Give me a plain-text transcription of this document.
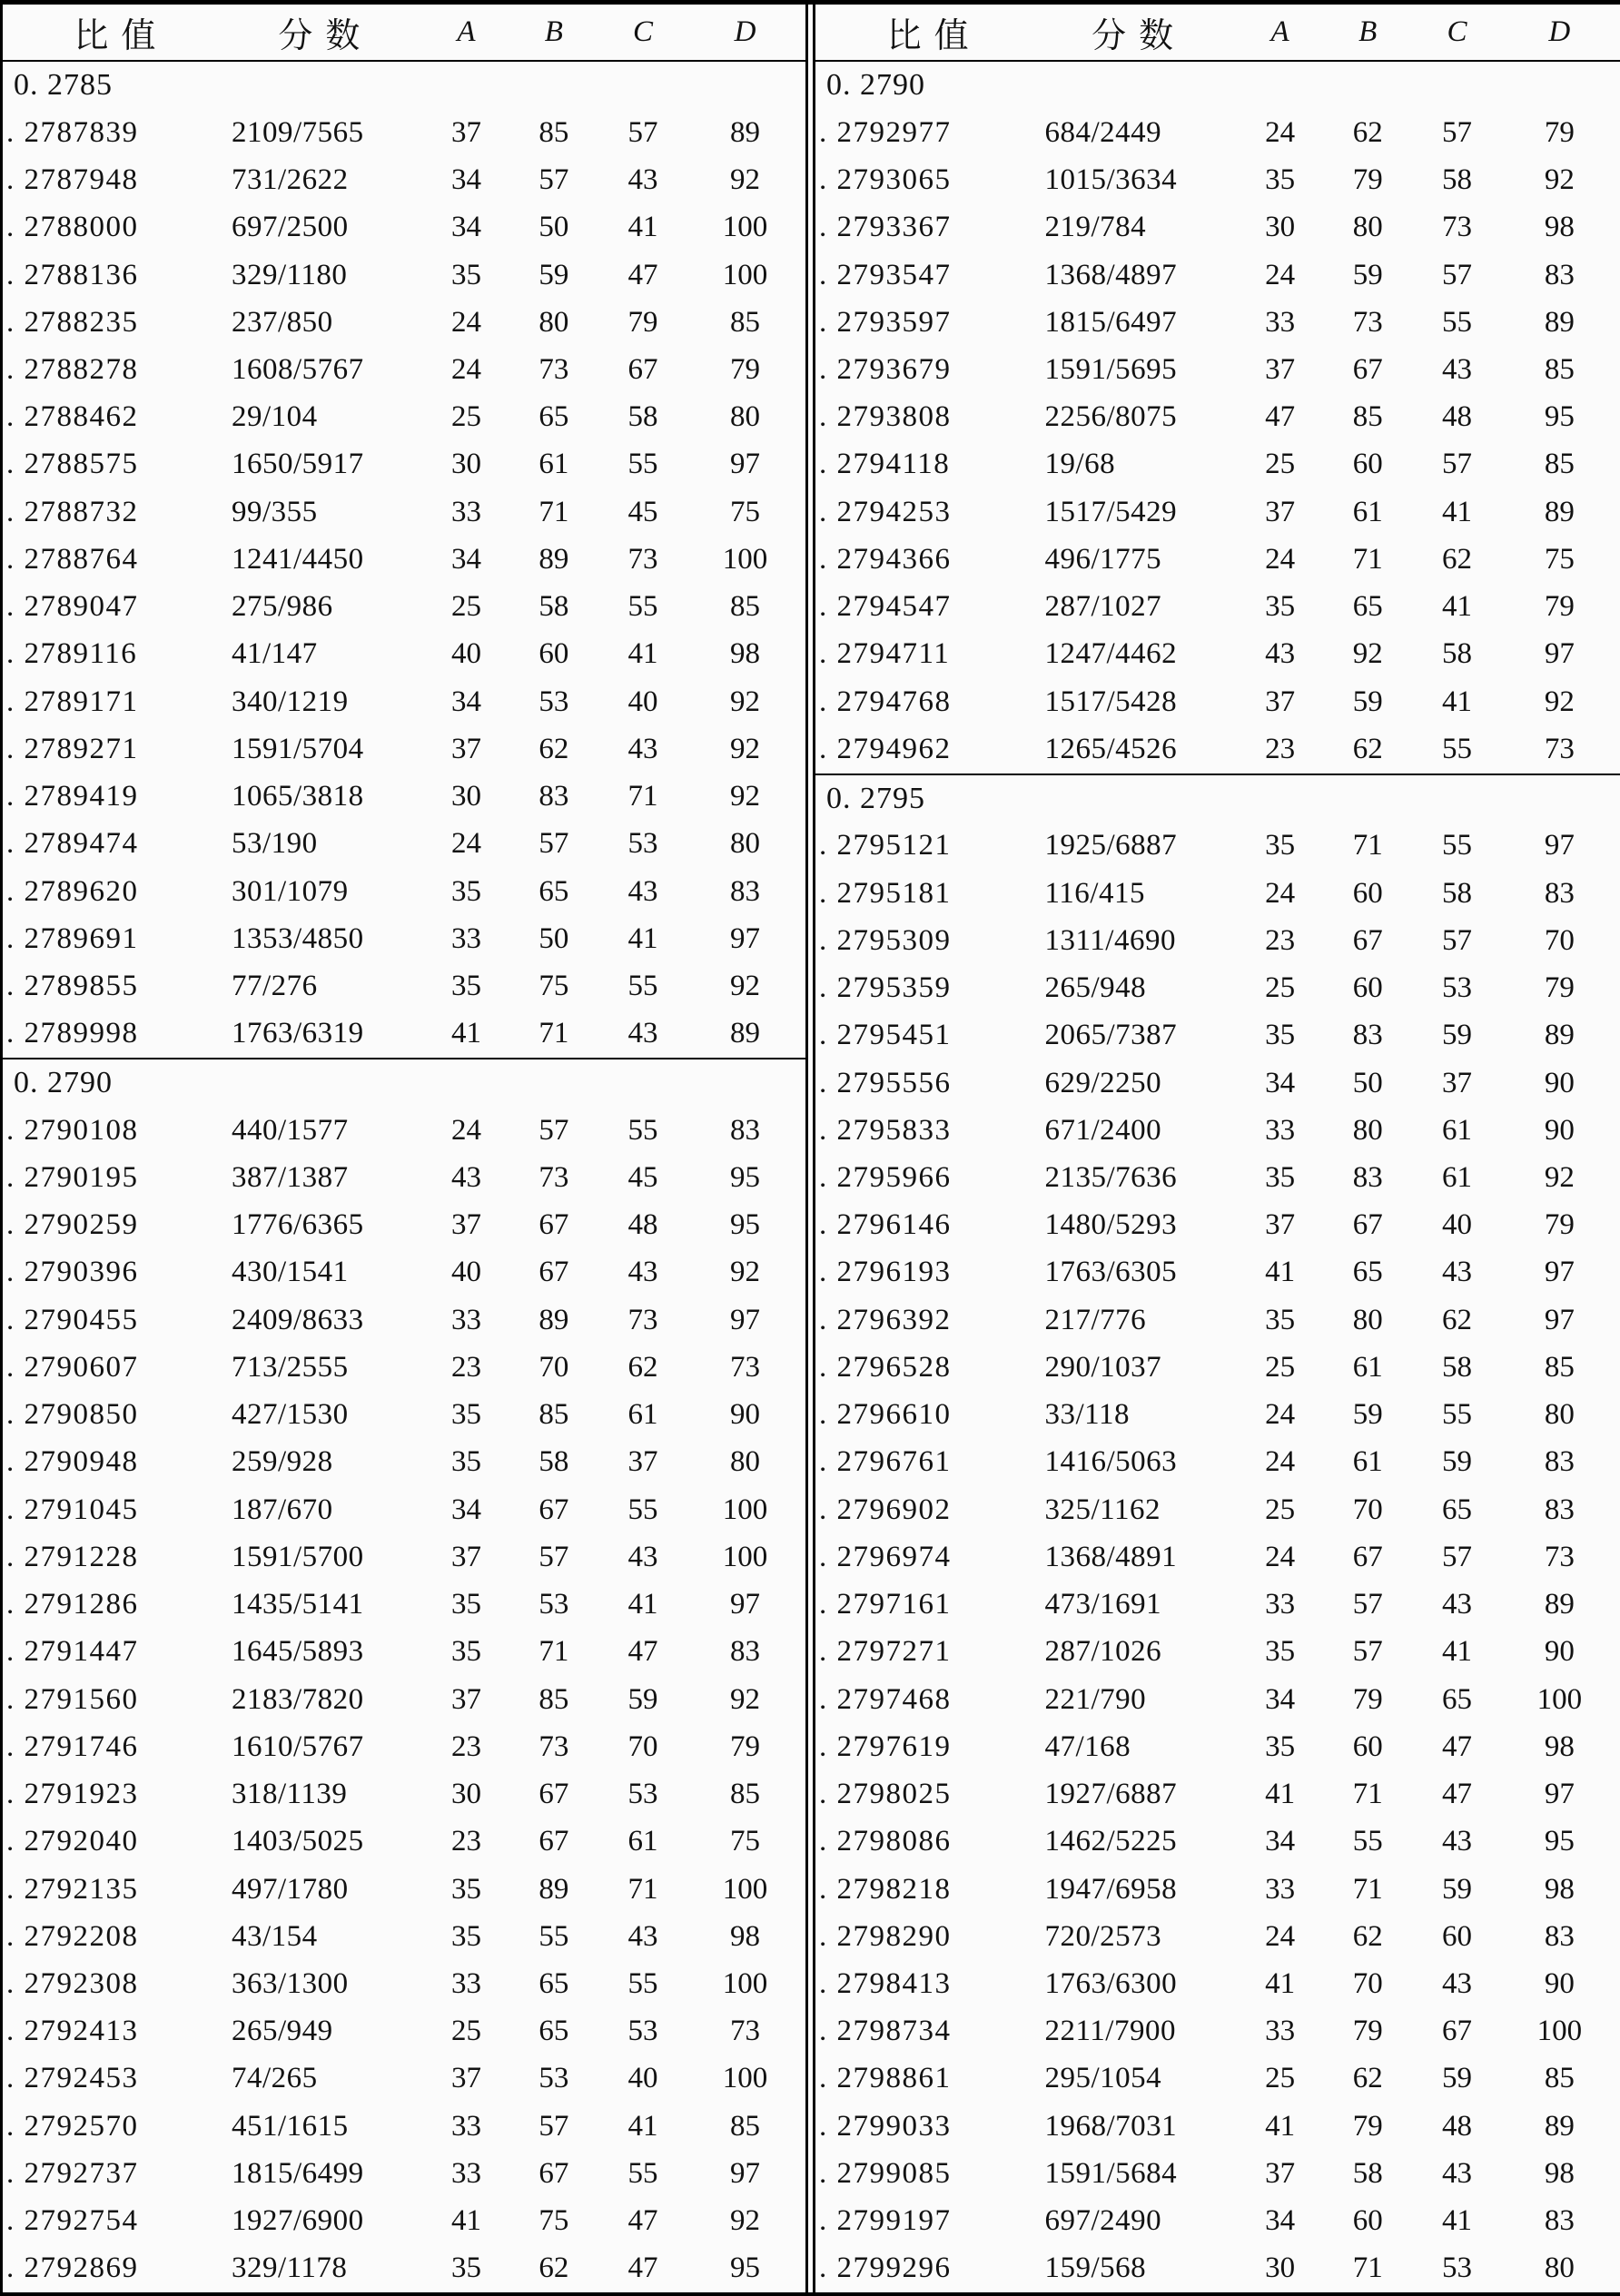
比值	分数	A	B	C	D
0. 2785
. 2787839	2109/7565	37	85	57	89
. 2787948	731/2622	34	57	43	92
. 2788000	697/2500	34	50	41	100
. 2788136	329/1180	35	59	47	100
. 2788235	237/850	24	80	79	85
. 2788278	1608/5767	24	73	67	79
. 2788462	29/104	25	65	58	80
. 2788575	1650/5917	30	61	55	97
. 2788732	99/355	33	71	45	75
. 2788764	1241/4450	34	89	73	100
. 2789047	275/986	25	58	55	85
. 2789116	41/147	40	60	41	98
. 2789171	340/1219	34	53	40	92
. 2789271	1591/5704	37	62	43	92
. 2789419	1065/3818	30	83	71	92
. 2789474	53/190	24	57	53	80
. 2789620	301/1079	35	65	43	83
. 2789691	1353/4850	33	50	41	97
. 2789855	77/276	35	75	55	92
. 2789998	1763/6319	41	71	43	89
0. 2790
. 2790108	440/1577	24	57	55	83
. 2790195	387/1387	43	73	45	95
. 2790259	1776/6365	37	67	48	95
. 2790396	430/1541	40	67	43	92
. 2790455	2409/8633	33	89	73	97
. 2790607	713/2555	23	70	62	73
. 2790850	427/1530	35	85	61	90
. 2790948	259/928	35	58	37	80
. 2791045	187/670	34	67	55	100
. 2791228	1591/5700	37	57	43	100
. 2791286	1435/5141	35	53	41	97
. 2791447	1645/5893	35	71	47	83
. 2791560	2183/7820	37	85	59	92
. 2791746	1610/5767	23	73	70	79
. 2791923	318/1139	30	67	53	85
. 2792040	1403/5025	23	67	61	75
. 2792135	497/1780	35	89	71	100
. 2792208	43/154	35	55	43	98
. 2792308	363/1300	33	65	55	100
. 2792413	265/949	25	65	53	73
. 2792453	74/265	37	53	40	100
. 2792570	451/1615	33	57	41	85
. 2792737	1815/6499	33	67	55	97
. 2792754	1927/6900	41	75	47	92
. 2792869	329/1178	35	62	47	95
比值	分数	A	B	C	D
0. 2790
. 2792977	684/2449	24	62	57	79
. 2793065	1015/3634	35	79	58	92
. 2793367	219/784	30	80	73	98
. 2793547	1368/4897	24	59	57	83
. 2793597	1815/6497	33	73	55	89
. 2793679	1591/5695	37	67	43	85
. 2793808	2256/8075	47	85	48	95
. 2794118	19/68	25	60	57	85
. 2794253	1517/5429	37	61	41	89
. 2794366	496/1775	24	71	62	75
. 2794547	287/1027	35	65	41	79
. 2794711	1247/4462	43	92	58	97
. 2794768	1517/5428	37	59	41	92
. 2794962	1265/4526	23	62	55	73
0. 2795
. 2795121	1925/6887	35	71	55	97
. 2795181	116/415	24	60	58	83
. 2795309	1311/4690	23	67	57	70
. 2795359	265/948	25	60	53	79
. 2795451	2065/7387	35	83	59	89
. 2795556	629/2250	34	50	37	90
. 2795833	671/2400	33	80	61	90
. 2795966	2135/7636	35	83	61	92
. 2796146	1480/5293	37	67	40	79
. 2796193	1763/6305	41	65	43	97
. 2796392	217/776	35	80	62	97
. 2796528	290/1037	25	61	58	85
. 2796610	33/118	24	59	55	80
. 2796761	1416/5063	24	61	59	83
. 2796902	325/1162	25	70	65	83
. 2796974	1368/4891	24	67	57	73
. 2797161	473/1691	33	57	43	89
. 2797271	287/1026	35	57	41	90
. 2797468	221/790	34	79	65	100
. 2797619	47/168	35	60	47	98
. 2798025	1927/6887	41	71	47	97
. 2798086	1462/5225	34	55	43	95
. 2798218	1947/6958	33	71	59	98
. 2798290	720/2573	24	62	60	83
. 2798413	1763/6300	41	70	43	90
. 2798734	2211/7900	33	79	67	100
. 2798861	295/1054	25	62	59	85
. 2799033	1968/7031	41	79	48	89
. 2799085	1591/5684	37	58	43	98
. 2799197	697/2490	34	60	41	83
. 2799296	159/568	30	71	53	80
